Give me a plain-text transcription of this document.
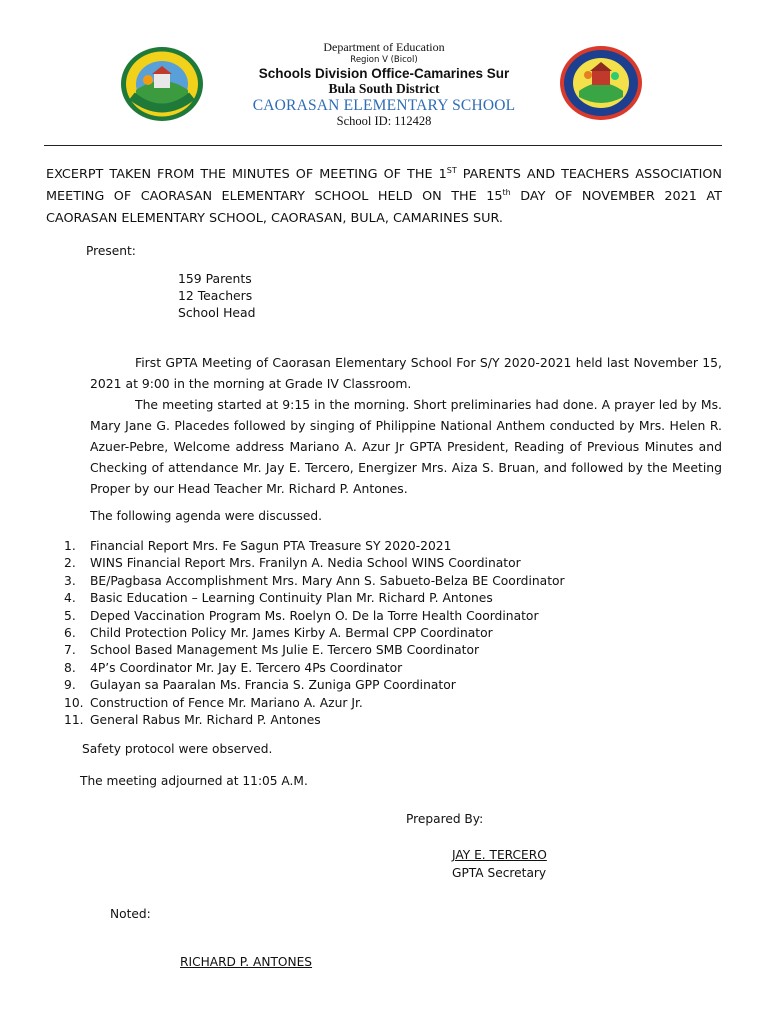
Department of Education
Region V (Bicol)
Schools Division Office-Camarines Sur
Bula South District
CAORASAN ELEMENTARY SCHOOL
School ID: 112428
EXCERPT TAKEN FROM THE MINUTES OF MEETING OF THE 1ST PARENTS AND TEACHERS ASSOCIATION MEETING OF CAORASAN ELEMENTARY SCHOOL HELD ON THE 15th DAY OF NOVEMBER 2021 AT CAORASAN ELEMENTARY SCHOOL, CAORASAN, BULA, CAMARINES SUR.
Present:
159 Parents
12 Teachers
School Head
First GPTA Meeting of Caorasan Elementary School For S/Y 2020-2021 held last November 15, 2021 at 9:00 in the morning at Grade IV Classroom.
The meeting started at 9:15 in the morning. Short preliminaries had done. A prayer led by Ms. Mary Jane G. Placedes followed by singing of Philippine National Anthem conducted by Mrs. Helen R. Azuer-Pebre, Welcome address Mariano A. Azur Jr GPTA President, Reading of Previous Minutes and Checking of attendance Mr. Jay E. Tercero, Energizer Mrs. Aiza S. Bruan, and followed by the Meeting Proper by our Head Teacher Mr. Richard P. Antones.
The following agenda were discussed.
1. Financial Report Mrs. Fe Sagun PTA Treasure SY 2020-2021
2. WINS Financial Report Mrs. Franilyn A. Nedia School WINS Coordinator
3. BE/Pagbasa Accomplishment Mrs. Mary Ann S. Sabueto-Belza BE Coordinator
4. Basic Education – Learning Continuity Plan Mr. Richard P. Antones
5. Deped Vaccination Program Ms. Roelyn O. De la Torre Health Coordinator
6. Child Protection Policy Mr. James Kirby A. Bermal CPP Coordinator
7. School Based Management Ms Julie E. Tercero SMB Coordinator
8. 4P’s Coordinator Mr. Jay E. Tercero 4Ps Coordinator
9. Gulayan sa Paaralan Ms. Francia S. Zuniga GPP Coordinator
10. Construction of Fence Mr. Mariano A. Azur Jr.
11. General Rabus Mr. Richard P. Antones
Safety protocol were observed.
The meeting adjourned at 11:05 A.M.
Prepared By:
JAY E. TERCERO
GPTA Secretary
Noted:
RICHARD P. ANTONES
